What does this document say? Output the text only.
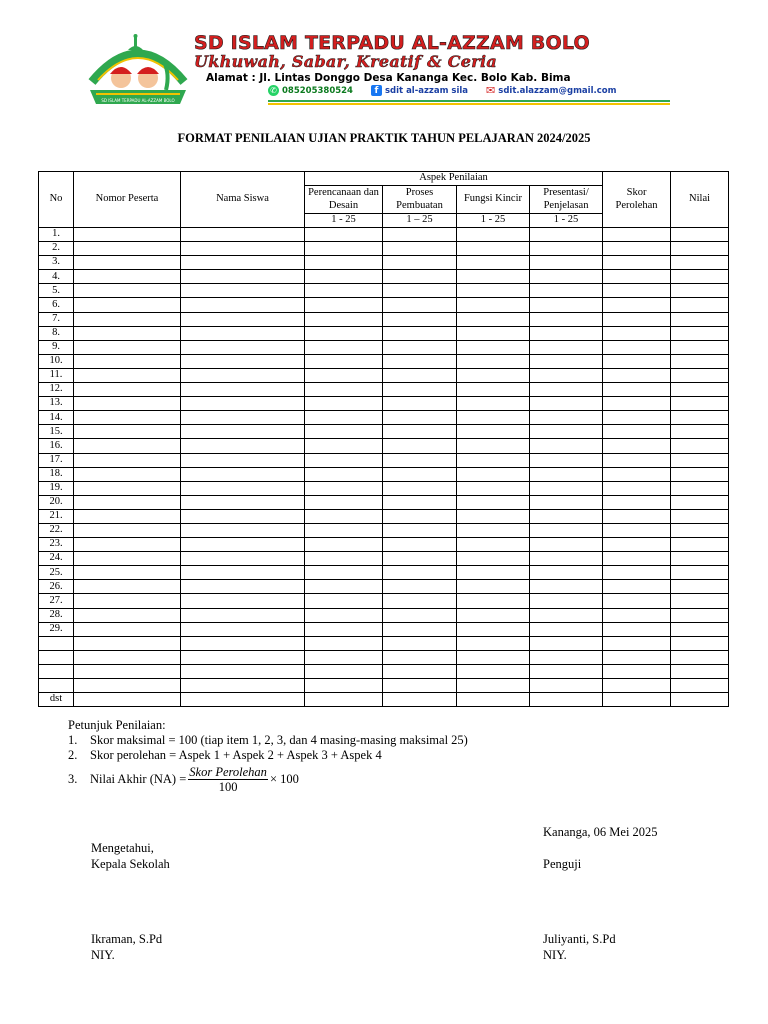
SD ISLAM TERPADU AL-AZZAM BOLO
SD ISLAM TERPADU AL-AZZAM BOLO
Ukhuwah, Sabar, Kreatif & Ceria
Alamat : Jl. Lintas Donggo Desa Kananga Kec. Bolo Kab. Bima
✆ 085205380524	f sdit al-azzam sila ✉ sdit.alazzam@gmail.com
FORMAT PENILAIAN UJIAN PRAKTIK TAHUN PELAJARAN 2024/2025
No	Nomor Peserta	Nama Siswa	Aspek Penilaian				Skor Perolehan	Nilai
			Perencanaan dan Desain	Proses Pembuatan	Fungsi Kincir	Presentasi/ Penjelasan		
			1 - 25	1 – 25	1 - 25	1 - 25		
1.								
2.								
3.								
4.								
5.								
6.								
7.								
8.								
9.								
10.								
11.								
12.								
13.								
14.								
15.								
16.								
17.								
18.								
19.								
20.								
21.								
22.								
23.								
24.								
25.								
26.								
27.								
28.								
29.								

dst								
Petunjuk Penilaian:
1.	Skor maksimal = 100 (tiap item 1, 2, 3, dan 4 masing-masing maksimal 25)
2.	Skor perolehan = Aspek 1 + Aspek 2 + Aspek 3 + Aspek 4
3.	Nilai Akhir $(NA) = \frac{\text{Skor Perolehan}}{100} \times 100$
Kananga, 06 Mei 2025
Mengetahui,
Kepala Sekolah	Penguji
Ikraman, S.Pd
NIY.
Juliyanti, S.Pd
NIY.
